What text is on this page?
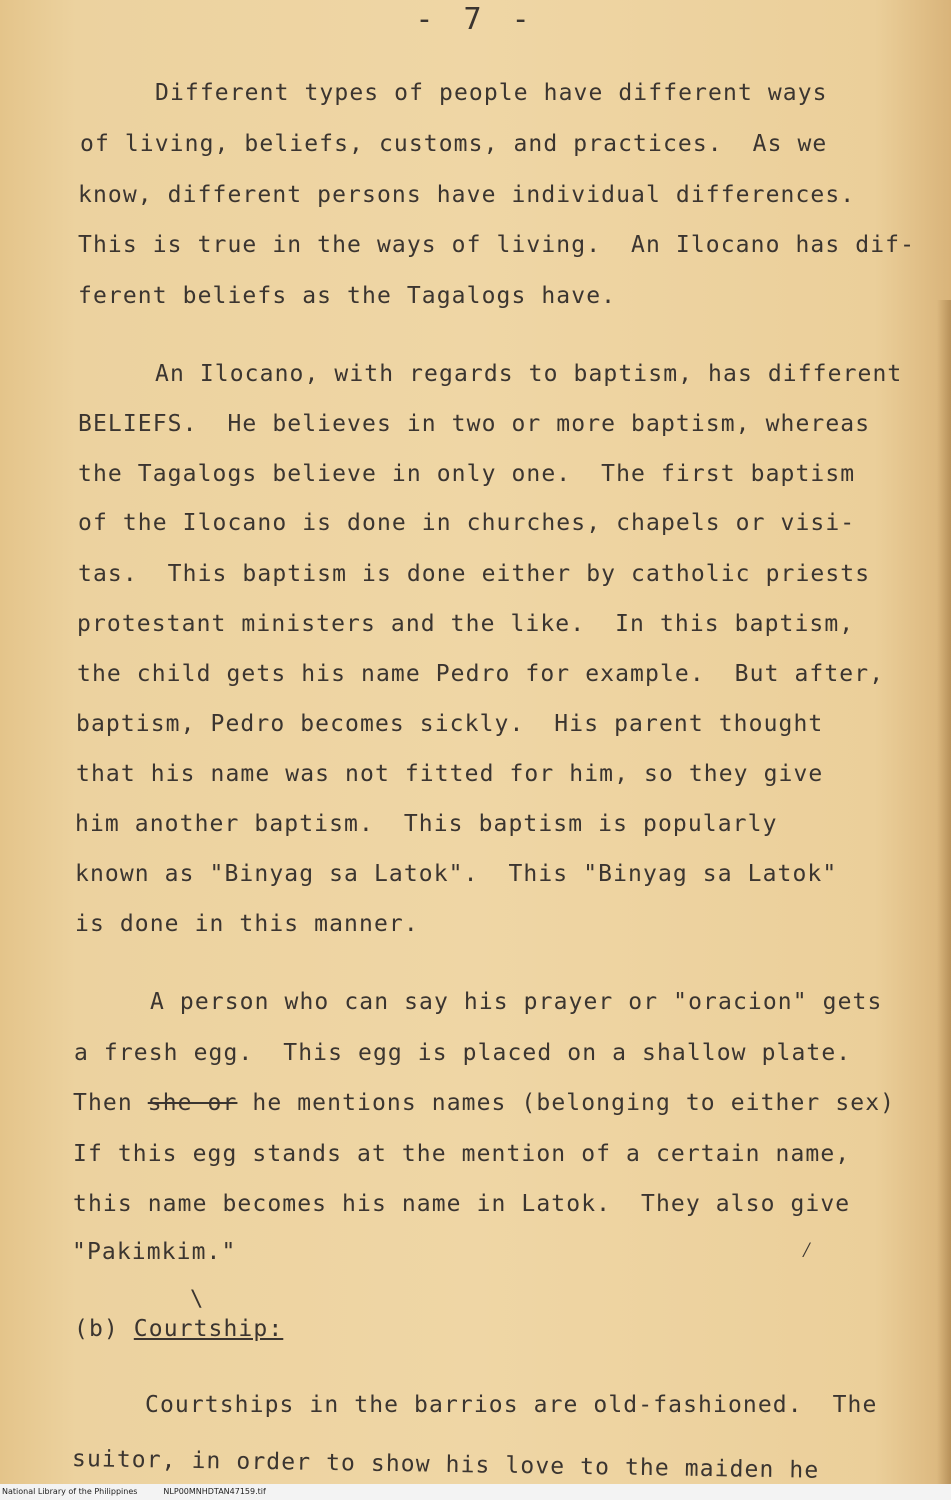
- 7 -
Different types of people have different ways
of living, beliefs, customs, and practices.  As we
know, different persons have individual differences.
This is true in the ways of living.  An Ilocano has dif-
ferent beliefs as the Tagalogs have.
An Ilocano, with regards to baptism, has different
BELIEFS.  He believes in two or more baptism, whereas
the Tagalogs believe in only one.  The first baptism
of the Ilocano is done in churches, chapels or visi-
tas.  This baptism is done either by catholic priests
protestant ministers and the like.  In this baptism,
the child gets his name Pedro for example.  But after,
baptism, Pedro becomes sickly.  His parent thought
that his name was not fitted for him, so they give
him another baptism.  This baptism is popularly
known as "Binyag sa Latok".  This "Binyag sa Latok"
is done in this manner.
A person who can say his prayer or "oracion" gets
a fresh egg.  This egg is placed on a shallow plate.
Then she or he mentions names (belonging to either sex)
If this egg stands at the mention of a certain name,
this name becomes his name in Latok.  They also give
"Pakimkim."	⁄
\
(b) Courtship:
Courtships in the barrios are old-fashioned.  The
suitor, in order to show his love to the maiden he
National Library of the Philippines	NLP00MNHDTAN47159.tif
